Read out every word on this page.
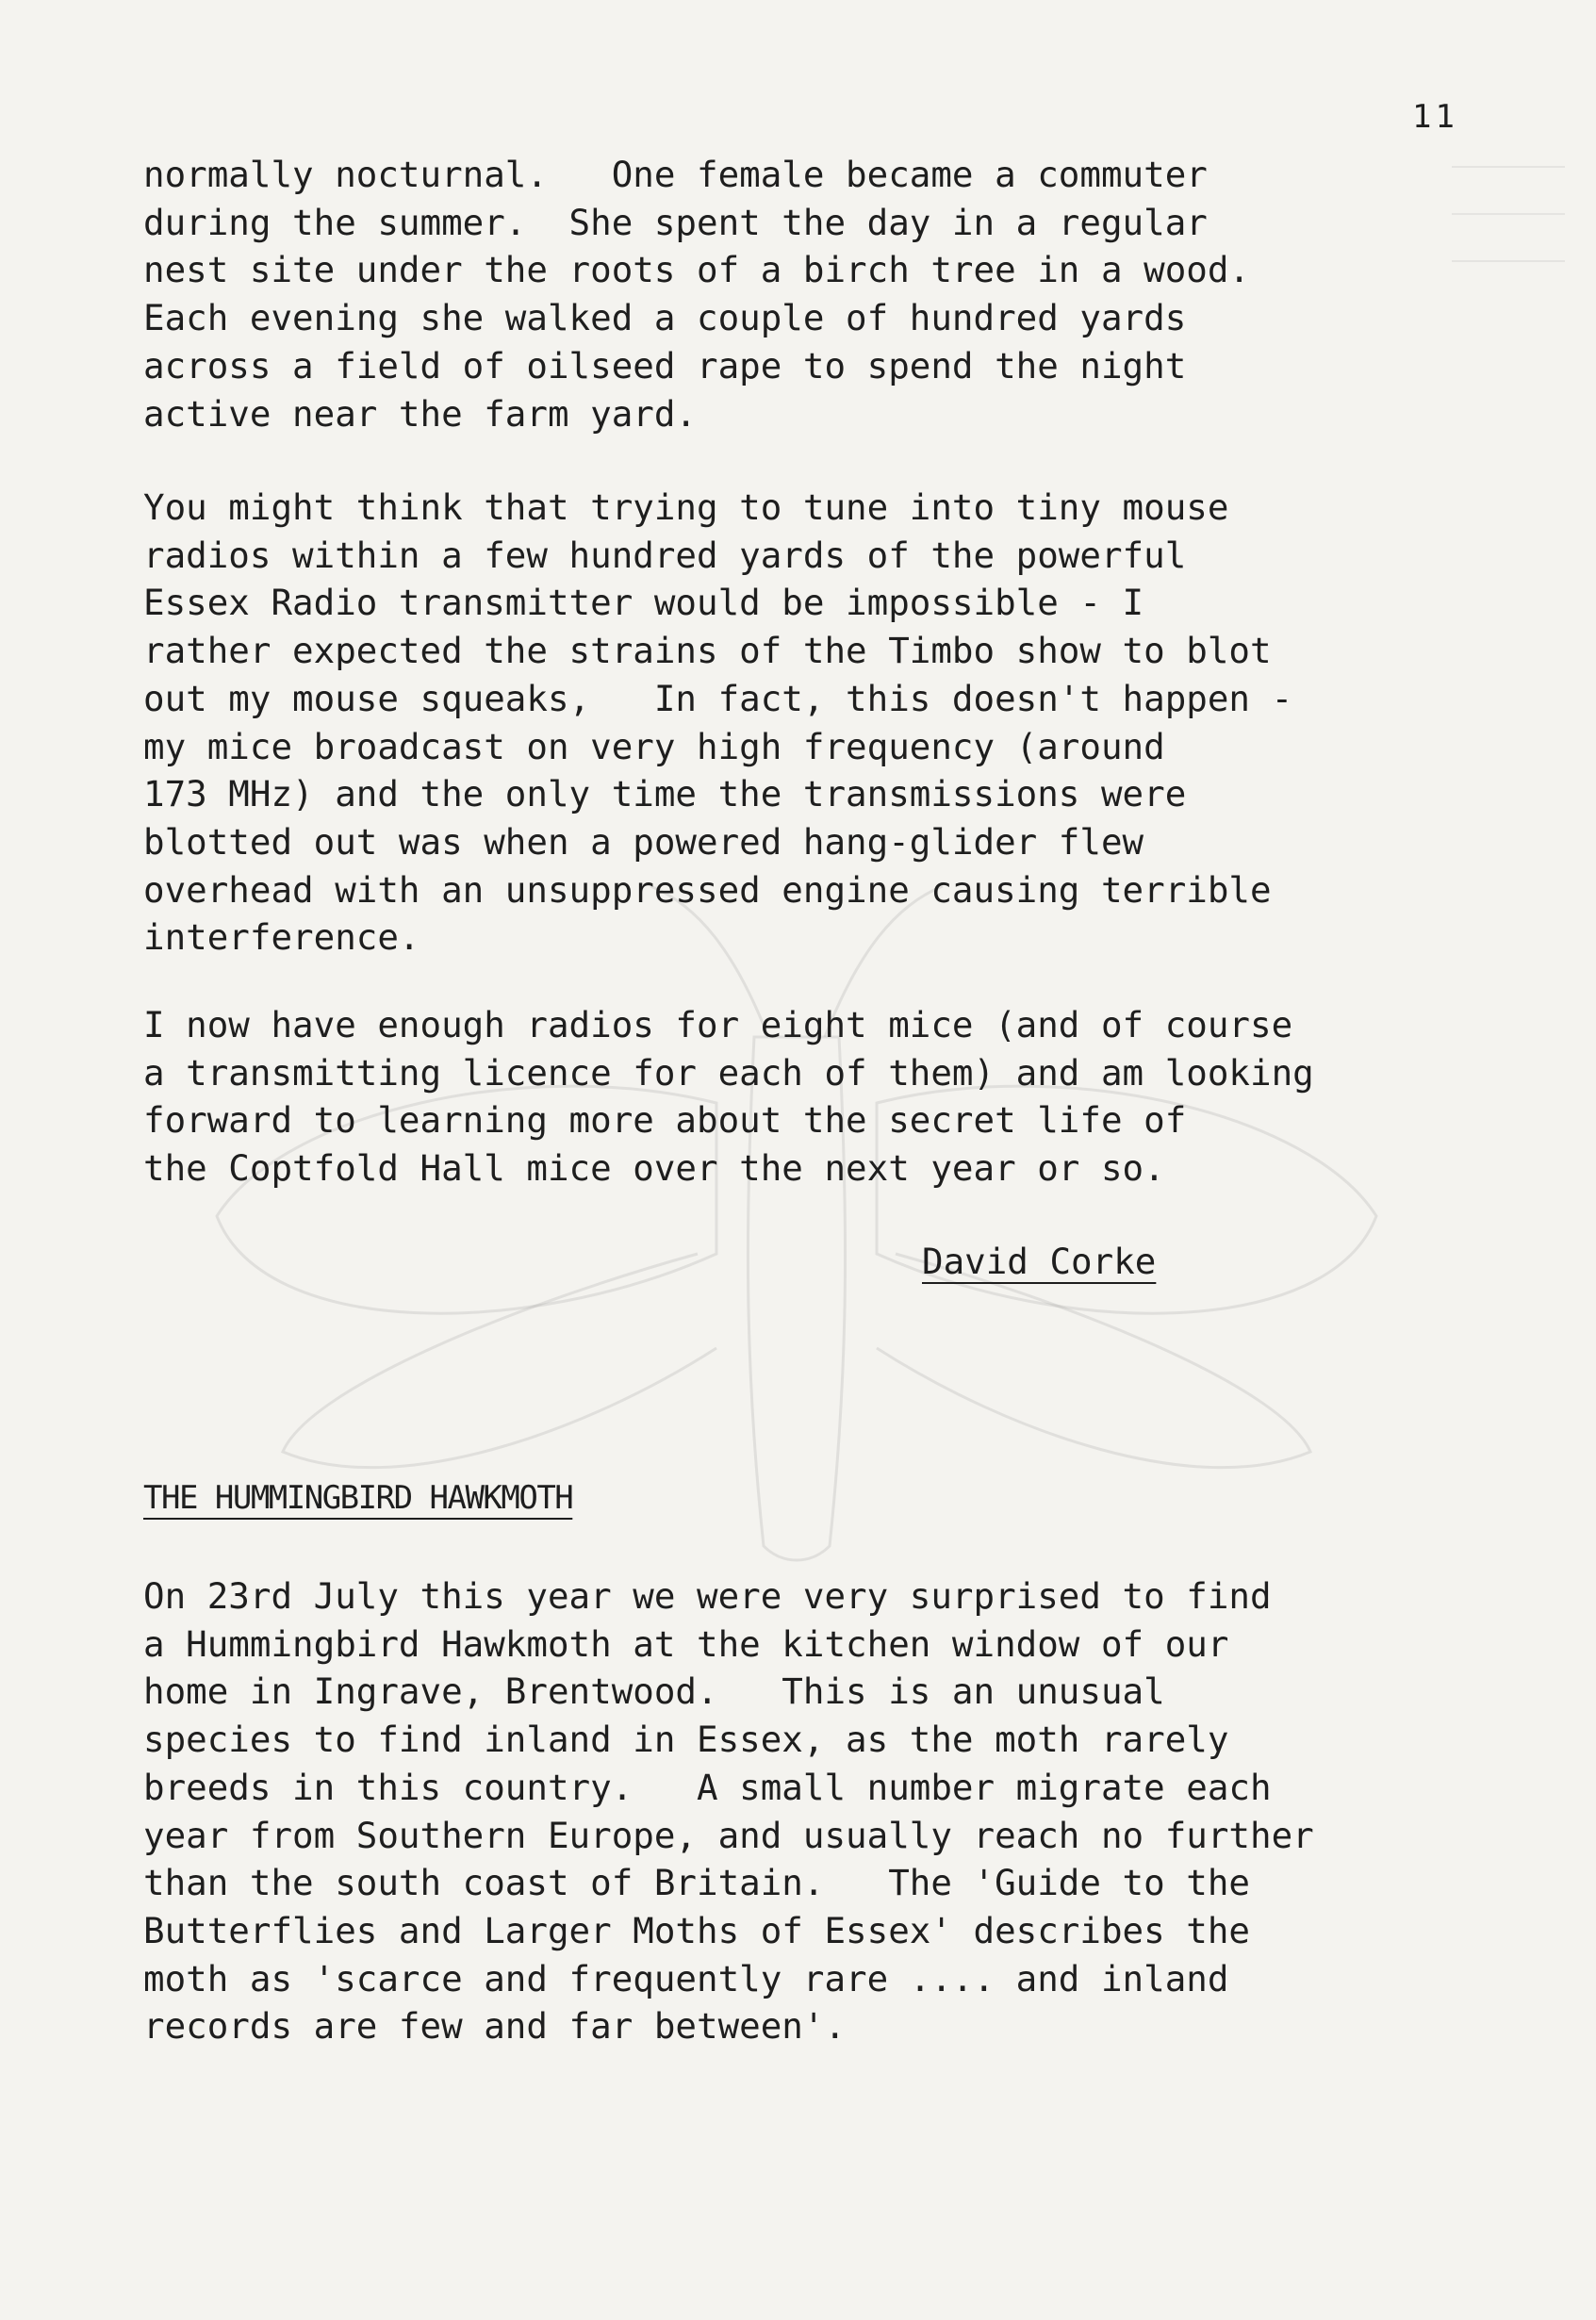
11
normally nocturnal.   One female became a commuter
during the summer.  She spent the day in a regular
nest site under the roots of a birch tree in a wood.
Each evening she walked a couple of hundred yards
across a field of oilseed rape to spend the night
active near the farm yard.
You might think that trying to tune into tiny mouse
radios within a few hundred yards of the powerful
Essex Radio transmitter would be impossible - I
rather expected the strains of the Timbo show to blot
out my mouse squeaks,   In fact, this doesn't happen -
my mice broadcast on very high frequency (around
173 MHz) and the only time the transmissions were
blotted out was when a powered hang-glider flew
overhead with an unsuppressed engine causing terrible
interference.
I now have enough radios for eight mice (and of course
a transmitting licence for each of them) and am looking
forward to learning more about the secret life of
the Coptfold Hall mice over the next year or so.
David Corke
THE HUMMINGBIRD HAWKMOTH
On 23rd July this year we were very surprised to find
a Hummingbird Hawkmoth at the kitchen window of our
home in Ingrave, Brentwood.   This is an unusual
species to find inland in Essex, as the moth rarely
breeds in this country.   A small number migrate each
year from Southern Europe, and usually reach no further
than the south coast of Britain.   The 'Guide to the
Butterflies and Larger Moths of Essex' describes the
moth as 'scarce and frequently rare .... and inland
records are few and far between'.
